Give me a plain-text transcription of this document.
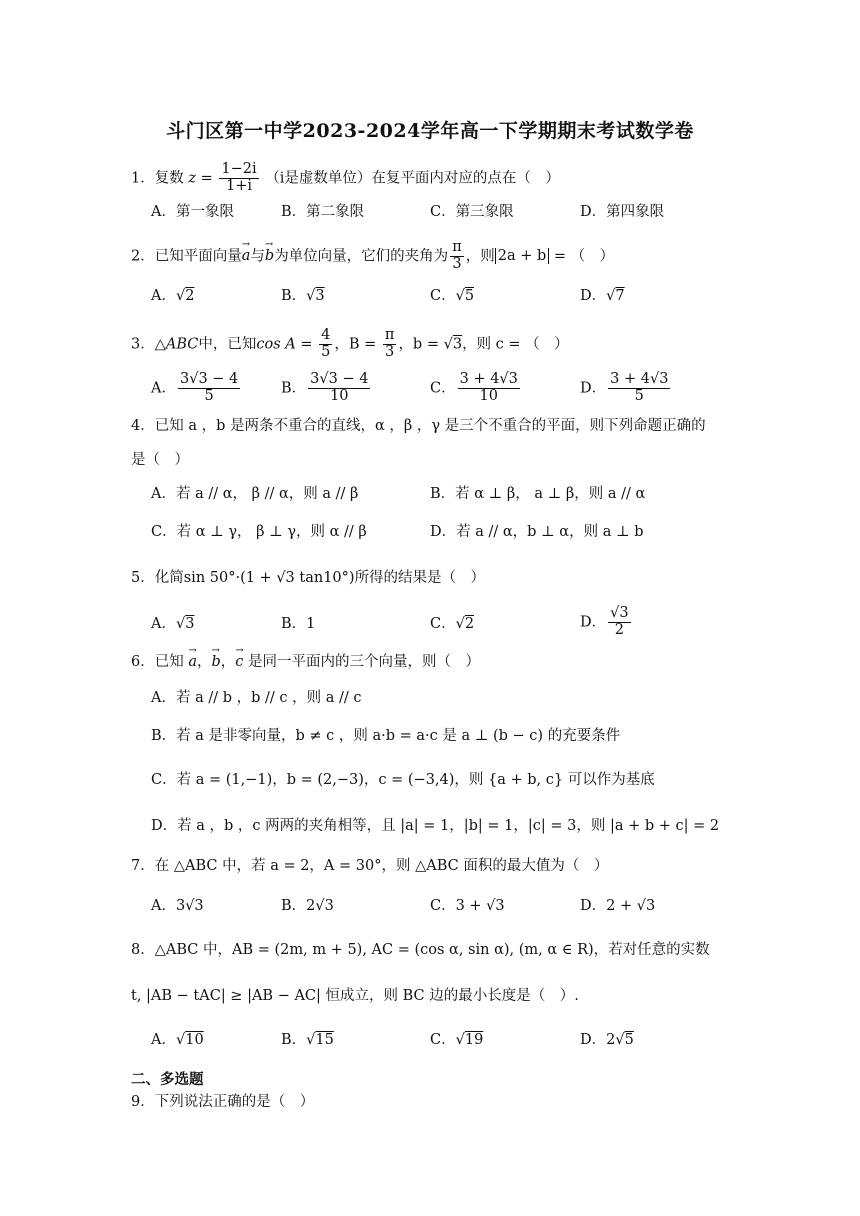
斗门区第一中学2023-2024学年高一下学期期末考试数学卷
1．复数 $z = \frac{1-2i}{1+i} (i$是虚数单位）在复平面内对应的点在（　）
A．第一象限	B．第二象限	C．第三象限	D．第四象限
2．已知平面向量→ a与→ b为单位向量，它们的夹角为 $\frac{\pi}{3}$ ，则 2a + b = （　）
A．√2	B．√3	C．√5	D．√7
3．△ABC中，已知$\cos A = \frac{4}{5}$ ，$B = \frac{\pi}{3}$ ，b = √3，则 c = （　）
A． $\frac{3√3 - 4}{5}$	B． $\frac{3√3 - 4}{10}$	C． $\frac{3 + 4√3}{10}$	D． $\frac{3 + 4√3}{5}$
4．已知 a ，b 是两条不重合的直线，α ，β ，γ 是三个不重合的平面，则下列命题正确的
是（　）
A．若 a // α， β // α，则 a // β	B．若 α ⊥ β， a ⊥ β，则 a // α
C．若 α ⊥ γ， β ⊥ γ，则 α // β	D．若 a // α，b ⊥ α，则 a ⊥ b
5．化简sin 50°·(1 + √3 tan10°)所得的结果是（　）
A．√3	B．1	C．√2	D． $\frac{√3}{2}$
6．已知 → a，→ b，→ c 是同一平面内的三个向量，则（　）
A．若 a // b ，b // c ，则 a // c
B．若 a 是非零向量，b ≠ c ，则 a·b = a·c 是 a ⊥ (b − c) 的充要条件
C．若 a = (1,−1)，b = (2,−3)，c = (−3,4)，则 {a + b, c} 可以作为基底
D．若 a ，b ，c 两两的夹角相等，且 |a| = 1，|b| = 1，|c| = 3，则 |a + b + c| = 2
7．在 △ABC 中，若 a = 2，A = 30°，则 △ABC 面积的最大值为（　）
A．3√3	B．2√3	C．3 + √3	D．2 + √3
8．△ABC 中，AB = (2m, m + 5), AC = (cos α, sin α), (m, α ∈ R)，若对任意的实数
t, |AB − tAC| ≥ |AB − AC| 恒成立，则 BC 边的最小长度是（　）.
A．√10	B．√15	C．√19	D．2√5
二、多选题
9．下列说法正确的是（　）
